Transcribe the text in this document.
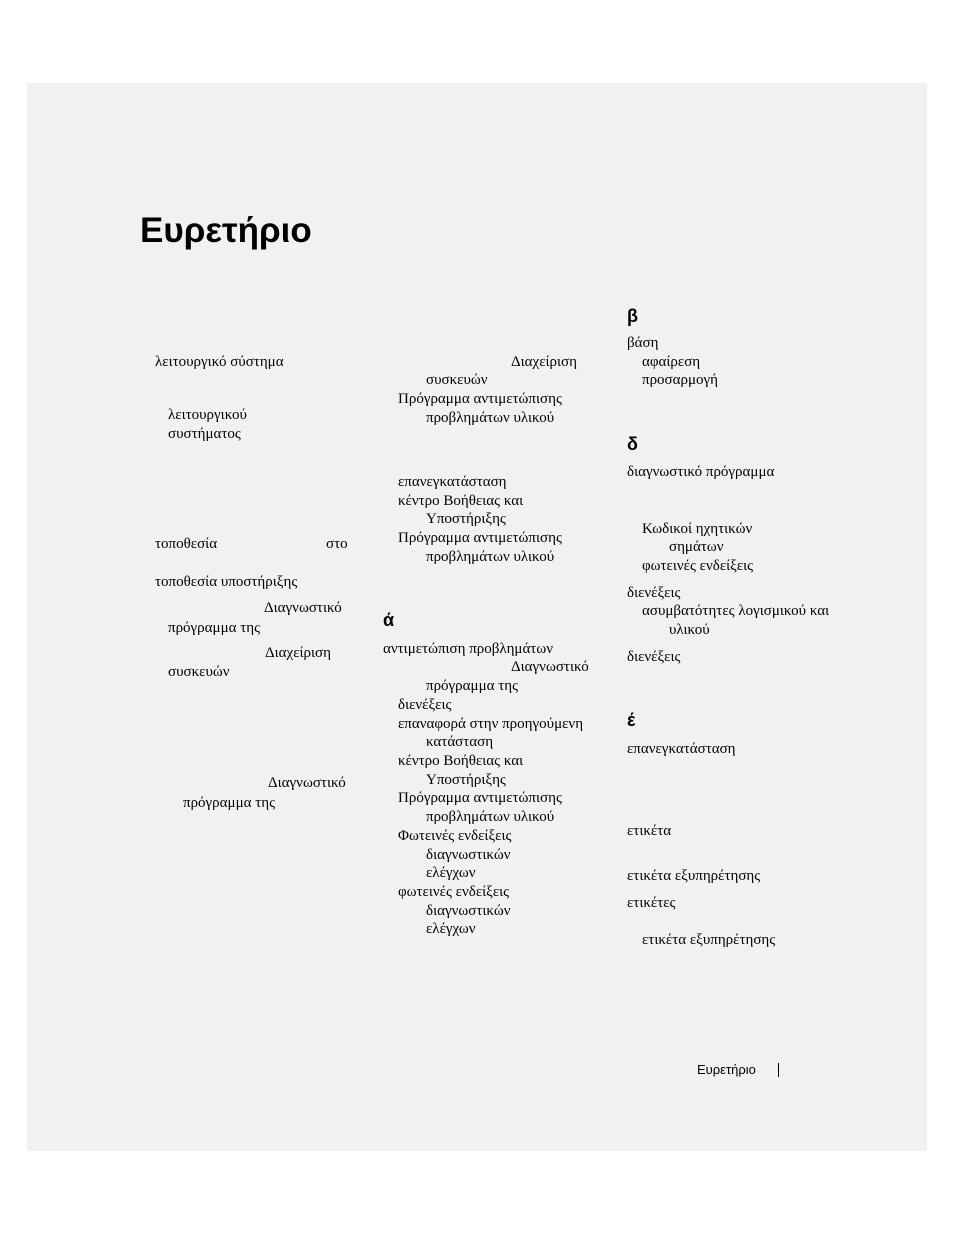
Ευρετήριο
λειτουργικό σύστημα
λειτουργικού
συστήματος
τοποθεσία	στο
τοποθεσία υποστήριξης
Διαγνωστικό
πρόγραμμα της
Διαχείριση
συσκευών
Διαγνωστικό
πρόγραμμα της
Διαχείριση
συσκευών
Πρόγραμμα αντιμετώπισης
προβλημάτων υλικού
επανεγκατάσταση
κέντρο Βοήθειας και
Υποστήριξης
Πρόγραμμα αντιμετώπισης
προβλημάτων υλικού
ά
αντιμετώπιση προβλημάτων
Διαγνωστικό
πρόγραμμα της
διενέξεις
επαναφορά στην προηγούμενη
κατάσταση
κέντρο Βοήθειας και
Υποστήριξης
Πρόγραμμα αντιμετώπισης
προβλημάτων υλικού
Φωτεινές ενδείξεις
διαγνωστικών
ελέγχων
φωτεινές ενδείξεις
διαγνωστικών
ελέγχων
β
βάση
αφαίρεση
προσαρμογή
δ
διαγνωστικό πρόγραμμα
Κωδικοί ηχητικών
σημάτων
φωτεινές ενδείξεις
διενέξεις
ασυμβατότητες λογισμικού και
υλικού
διενέξεις
έ
επανεγκατάσταση
ετικέτα
ετικέτα εξυπηρέτησης
ετικέτες
ετικέτα εξυπηρέτησης
Ευρετήριο
